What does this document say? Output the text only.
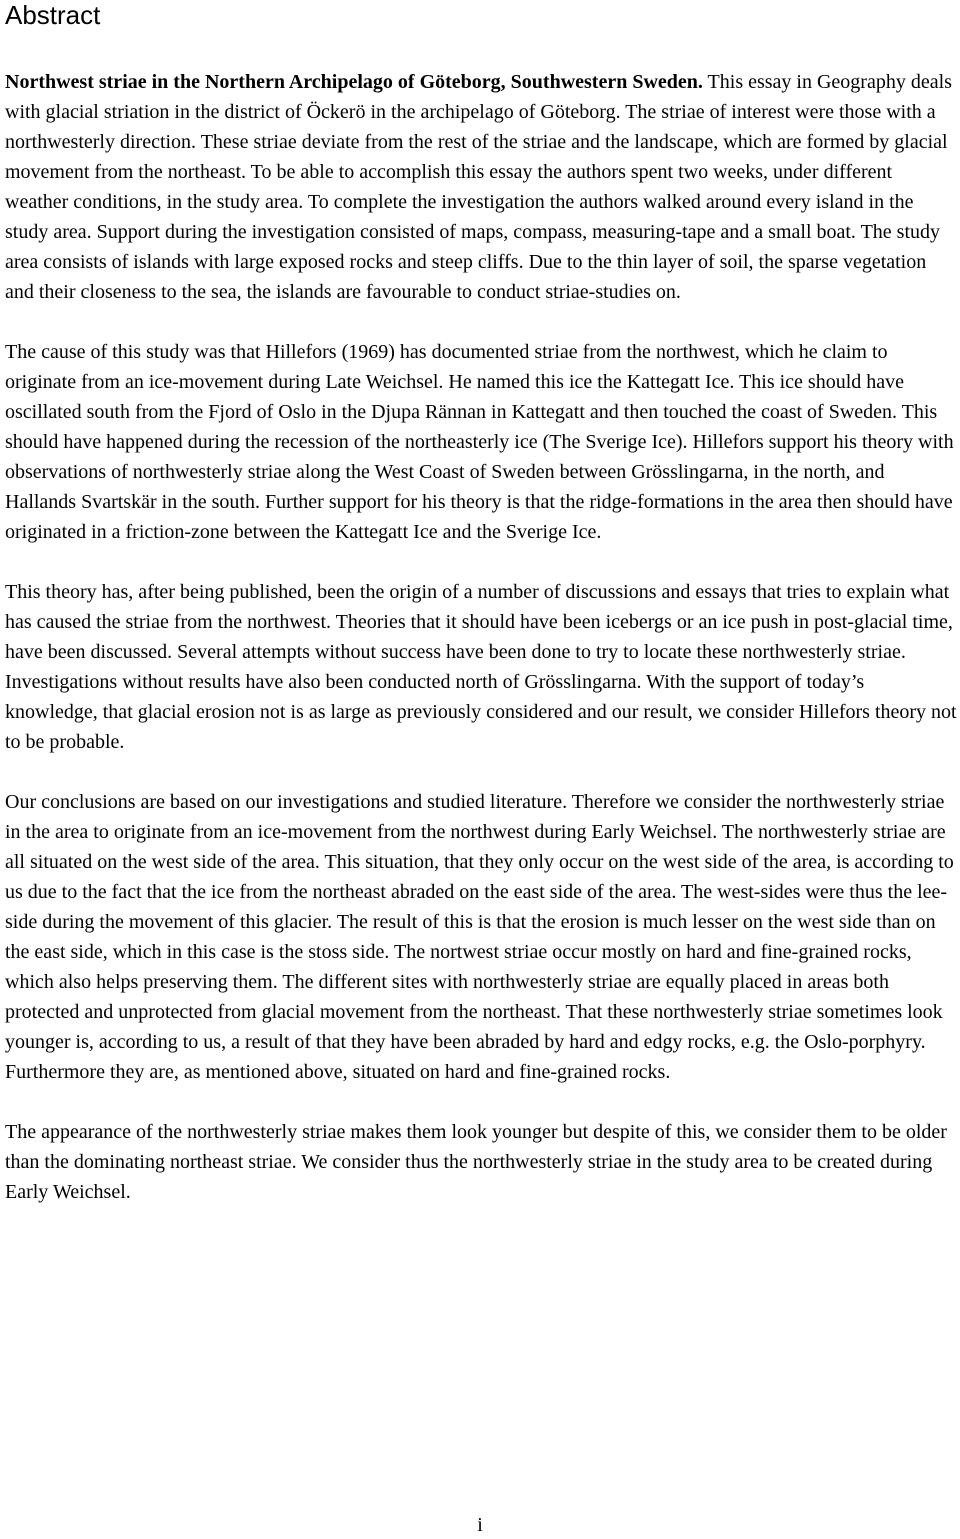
Abstract

Northwest striae in the Northern Archipelago of Göteborg, Southwestern Sweden. This essay in Geography deals with glacial striation in the district of Öckerö in the archipelago of Göteborg. The striae of interest were those with a northwesterly direction. These striae deviate from the rest of the striae and the landscape, which are formed by glacial movement from the northeast. To be able to accomplish this essay the authors spent two weeks, under different weather conditions, in the study area. To complete the investigation the authors walked around every island in the study area. Support during the investigation consisted of maps, compass, measuring-tape and a small boat. The study area consists of islands with large exposed rocks and steep cliffs. Due to the thin layer of soil, the sparse vegetation and their closeness to the sea, the islands are favourable to conduct striae-studies on.

The cause of this study was that Hillefors (1969) has documented striae from the northwest, which he claim to originate from an ice-movement during Late Weichsel. He named this ice the Kattegatt Ice. This ice should have oscillated south from the Fjord of Oslo in the Djupa Rännan in Kattegatt and then touched the coast of Sweden. This should have happened during the recession of the northeasterly ice (The Sverige Ice). Hillefors support his theory with observations of northwesterly striae along the West Coast of Sweden between Grösslingarna, in the north, and Hallands Svartskär in the south. Further support for his theory is that the ridge-formations in the area then should have originated in a friction-zone between the Kattegatt Ice and the Sverige Ice.

This theory has, after being published, been the origin of a number of discussions and essays that tries to explain what has caused the striae from the northwest. Theories that it should have been icebergs or an ice push in post-glacial time, have been discussed. Several attempts without success have been done to try to locate these northwesterly striae. Investigations without results have also been conducted north of Grösslingarna. With the support of today’s knowledge, that glacial erosion not is as large as previously considered and our result, we consider Hillefors theory not to be probable.

Our conclusions are based on our investigations and studied literature. Therefore we consider the northwesterly striae in the area to originate from an ice-movement from the northwest during Early Weichsel. The northwesterly striae are all situated on the west side of the area. This situation, that they only occur on the west side of the area, is according to us due to the fact that the ice from the northeast abraded on the east side of the area. The west-sides were thus the lee-side during the movement of this glacier. The result of this is that the erosion is much lesser on the west side than on the east side, which in this case is the stoss side. The nortwest striae occur mostly on hard and fine-grained rocks, which also helps preserving them. The different sites with northwesterly striae are equally placed in areas both protected and unprotected from glacial movement from the northeast. That these northwesterly striae sometimes look younger is, according to us, a result of that they have been abraded by hard and edgy rocks, e.g. the Oslo-porphyry. Furthermore they are, as mentioned above, situated on hard and fine-grained rocks.

The appearance of the northwesterly striae makes them look younger but despite of this, we consider them to be older than the dominating northeast striae. We consider thus the northwesterly striae in the study area to be created during Early Weichsel.

i
